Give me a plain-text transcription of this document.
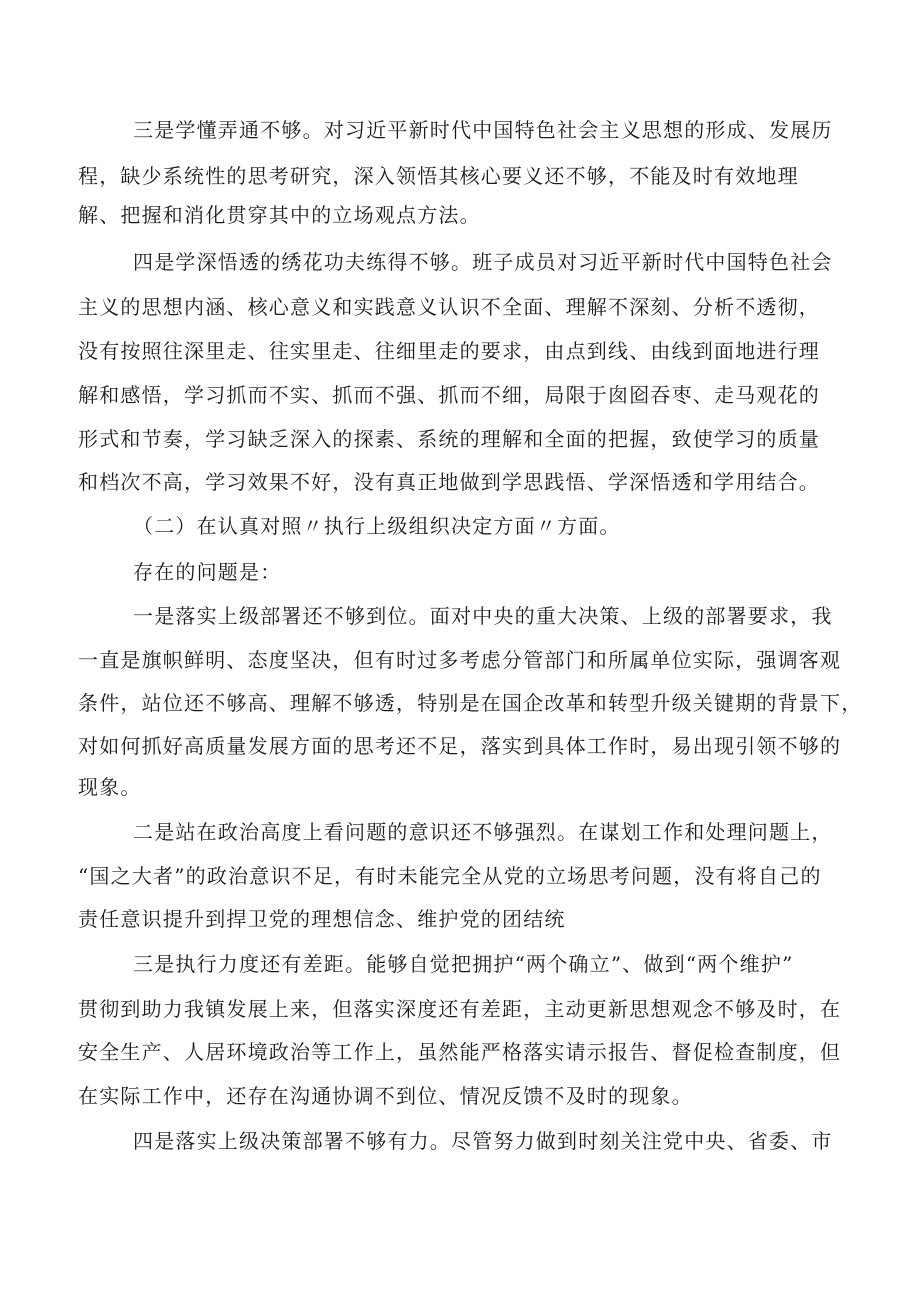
三是学懂弄通不够。对习近平新时代中国特色社会主义思想的形成、发展历
程，缺少系统性的思考研究，深入领悟其核心要义还不够，不能及时有效地理
解、把握和消化贯穿其中的立场观点方法。
四是学深悟透的绣花功夫练得不够。班子成员对习近平新时代中国特色社会
主义的思想内涵、核心意义和实践意义认识不全面、理解不深刻、分析不透彻，
没有按照往深里走、往实里走、往细里走的要求，由点到线、由线到面地进行理
解和感悟，学习抓而不实、抓而不强、抓而不细，局限于囱囵吞枣、走马观花的
形式和节奏，学习缺乏深入的探素、系统的理解和全面的把握，致使学习的质量
和档次不高，学习效果不好，没有真正地做到学思践悟、学深悟透和学用结合。
（二）在认真对照〃执行上级组织决定方面〃方面。
存在的问题是：
一是落实上级部署还不够到位。面对中央的重大决策、上级的部署要求，我
一直是旗帜鲜明、态度坚决，但有时过多考虑分管部门和所属单位实际，强调客观
条件，站位还不够高、理解不够透，特别是在国企改革和转型升级关键期的背景下，
对如何抓好高质量发展方面的思考还不足，落实到具体工作时，易出现引领不够的
现象。
二是站在政治高度上看问题的意识还不够强烈。在谋划工作和处理问题上，
“国之大者”的政治意识不足，有时未能完全从党的立场思考问题，没有将自己的
责任意识提升到捍卫党的理想信念、维护党的团结统
三是执行力度还有差距。能够自觉把拥护“两个确立”、做到“两个维护”
贯彻到助力我镇发展上来，但落实深度还有差距，主动更新思想观念不够及时，在
安全生产、人居环境政治等工作上，虽然能严格落实请示报告、督促检查制度，但
在实际工作中，还存在沟通协调不到位、情况反馈不及时的现象。
四是落实上级决策部署不够有力。尽管努力做到时刻关注党中央、省委、市
